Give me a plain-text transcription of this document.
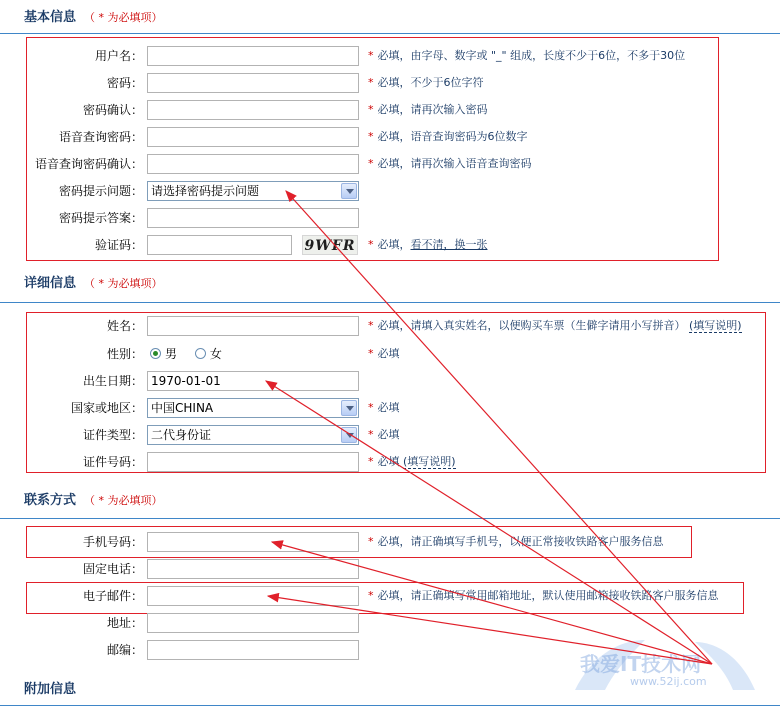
基本信息 （ * 为必填项）
用户名：	* 必填，由字母、数字或 "_" 组成，长度不少于6位，不多于30位
密码：	* 必填，不少于6位字符
密码确认：	* 必填，请再次输入密码
语音查询密码：	* 必填，语音查询密码为6位数字
语音查询密码确认：	* 必填，请再次输入语音查询密码
密码提示问题： 请选择密码提示问题
密码提示答案：
验证码：	9WFR * 必填，看不清，换一张
详细信息 （ * 为必填项）
姓名：	* 必填，请填入真实姓名，以便购买车票（生僻字请用小写拼音） (填写说明)
性别：	男	女	* 必填
出生日期：
1970-01-01
国家或地区： 中国CHINA	* 必填
证件类型： 二代身份证	* 必填
证件号码：	* 必填 (填写说明)
联系方式 （ * 为必填项）
手机号码：	* 必填，请正确填写手机号，以便正常接收铁路客户服务信息
固定电话：
电子邮件：	* 必填，请正确填写常用邮箱地址，默认使用邮箱接收铁路客户服务信息
地址：
邮编：
附加信息
我爱IT技术网
www.52ij.com
